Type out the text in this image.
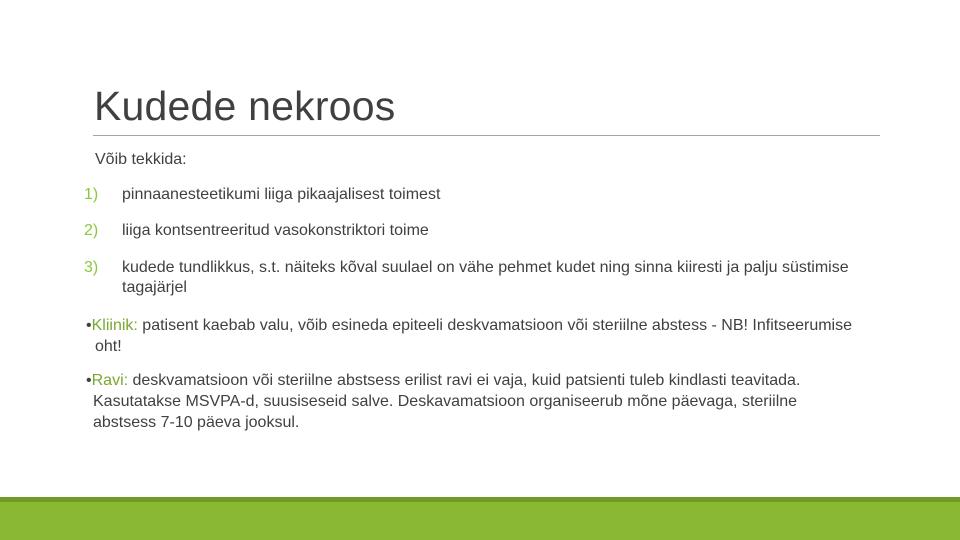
Kudede nekroos
Võib tekkida:
1)	pinnaanesteetikumi liiga pikaajalisest toimest
2)	liiga kontsentreeritud vasokonstriktori toime
3)	kudede tundlikkus, s.t. näiteks kõval suulael on vähe pehmet kudet ning sinna kiiresti ja palju süstimise tagajärjel
•Kliinik: patisent kaebab valu, võib esineda epiteeli deskvamatsioon või steriilne abstess - NB! Infitseerumise oht!
•Ravi: deskvamatsioon või steriilne abstsess erilist ravi ei vaja, kuid patsienti tuleb kindlasti teavitada. Kasutatakse MSVPA-d, suusiseseid salve. Deskavamatsioon organiseerub mõne päevaga, steriilne abstsess 7-10 päeva jooksul.
